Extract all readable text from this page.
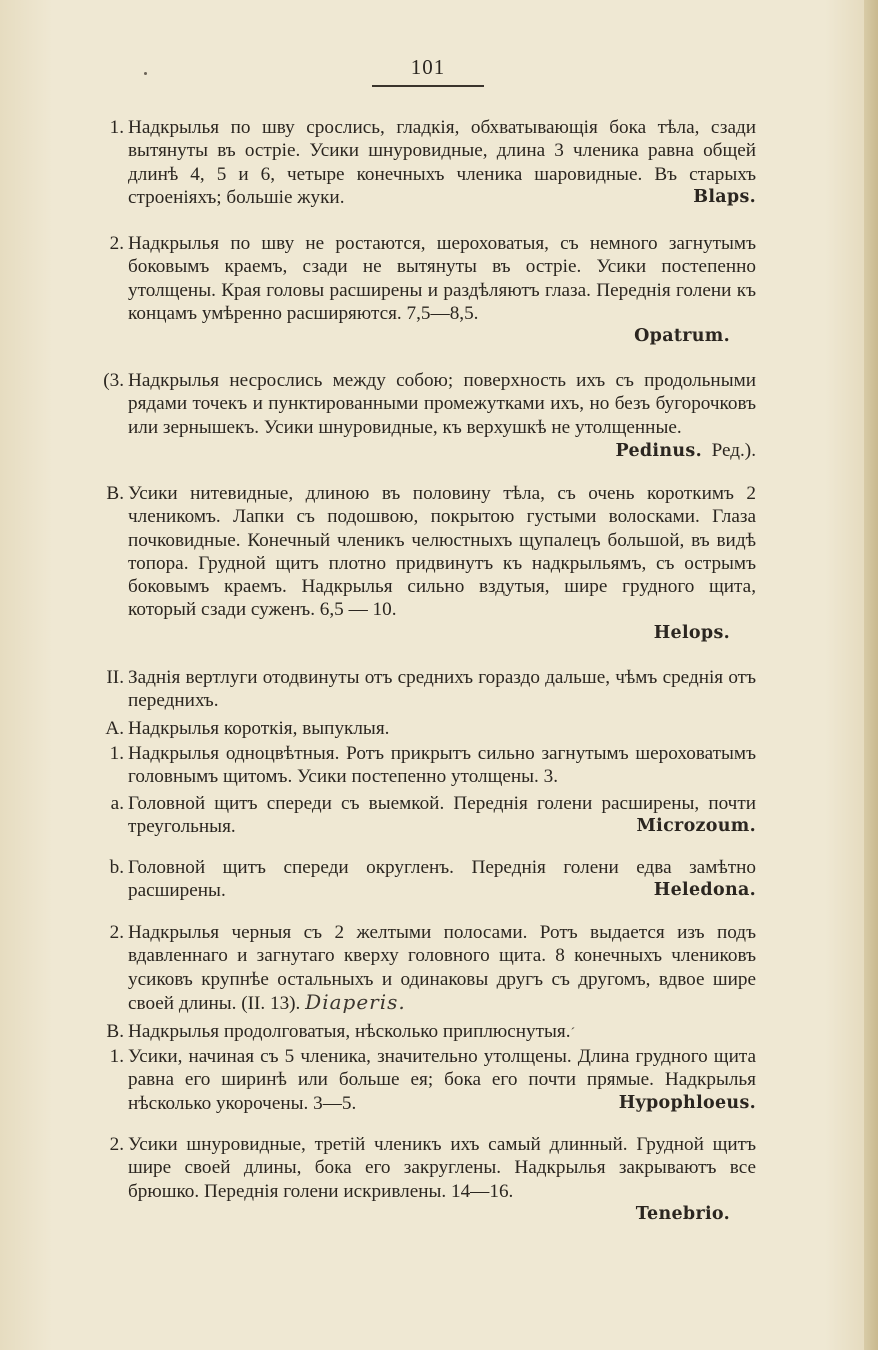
101
1. Надкрылья по шву срослись, гладкія, обхватывающія бока тѣла, сзади вытянуты въ остріе. Усики шнуровидные, длина 3 членика равна общей длинѣ 4, 5 и 6, четыре конечныхъ членика шаровидные. Въ старыхъ строеніяхъ; большіе жуки.	Blaps.
2. Надкрылья по шву не ростаются, шероховатыя, съ немного загнутымъ боковымъ краемъ, сзади не вытянуты въ остріе. Усики постепенно утолщены. Края головы расширены и раздѣляютъ глаза. Переднія голени къ концамъ умѣренно расширяются. 7,5—8,5.
Opatrum.
(3. Надкрылья несрослись между собою; поверхность ихъ съ продольными рядами точекъ и пунктированными промежутками ихъ, но безъ бугорочковъ или зернышекъ. Усики шнуровидные, къ верхушкѣ не утолщенные.
Pedinus. Ред.).
B. Усики нитевидные, длиною въ половину тѣла, съ очень короткимъ 2 членикомъ. Лапки съ подошвою, покрытою густыми волосками. Глаза почковидные. Конечный членикъ челюстныхъ щупалецъ большой, въ видѣ топора. Грудной щитъ плотно придвинутъ къ надкрыльямъ, съ острымъ боковымъ краемъ. Надкрылья сильно вздутыя, шире грудного щита, который сзади суженъ. 6,5 — 10.
Helops.
II. Заднія вертлуги отодвинуты отъ среднихъ гораздо дальше, чѣмъ среднія отъ переднихъ.
A. Надкрылья короткія, выпуклыя.
1. Надкрылья одноцвѣтныя. Ротъ прикрытъ сильно загнутымъ шероховатымъ головнымъ щитомъ. Усики постепенно утолщены. 3.
a. Головной щитъ спереди съ выемкой. Переднія голени расширены, почти треугольныя.	Microzoum.
b. Головной щитъ спереди округленъ. Переднія голени едва замѣтно расширены.	Heledona.
2. Надкрылья черныя съ 2 желтыми полосами. Ротъ выдается изъ подъ вдавленнаго и загнутаго кверху головного щита. 8 конечныхъ члениковъ усиковъ крупнѣе остальныхъ и одинаковы другъ съ другомъ, вдвое шире своей длины. (II. 13). Diaperis.
B. Надкрылья продолговатыя, нѣсколько приплюснутыя.ˊ
1. Усики, начиная съ 5 членика, значительно утолщены. Длина грудного щита равна его ширинѣ или больше ея; бока его почти прямые. Надкрылья нѣсколько укорочены. 3—5.	Hypophloeus.
2. Усики шнуровидные, третій членикъ ихъ самый длинный. Грудной щитъ шире своей длины, бока его закруглены. Надкрылья закрываютъ все брюшко. Переднія голени искривлены. 14—16.
Tenebrio.
